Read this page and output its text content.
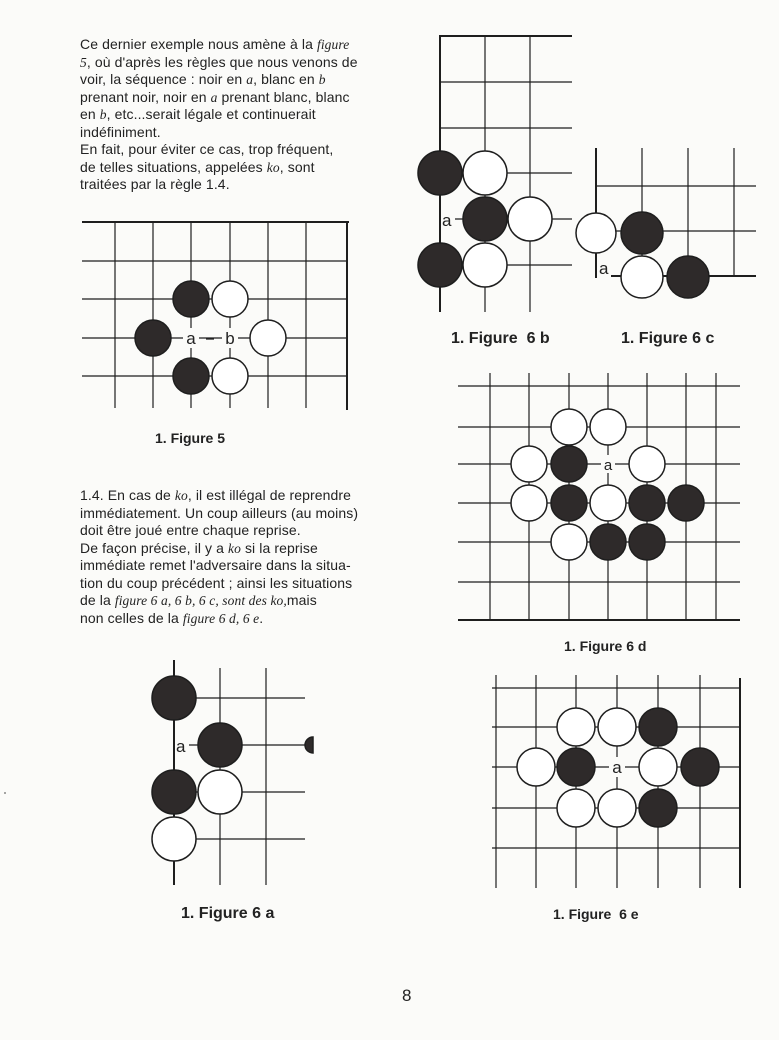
Ce dernier exemple nous amène à la figure
5, où d'après les règles que nous venons de
voir, la séquence : noir en a, blanc en b
prenant noir, noir en a prenant blanc, blanc
en b, etc...serait légale et continuerait
indéfiniment.
En fait, pour éviter ce cas, trop fréquent,
de telles situations, appelées ko, sont
traitées par la règle 1.4.
1.4. En cas de ko, il est illégal de reprendre
immédiatement. Un coup ailleurs (au moins)
doit être joué entre chaque reprise.
De façon précise, il y a ko si la reprise
immédiate remet l'adversaire dans la situa-
tion du coup précédent ; ainsi les situations
de la figure 6 a, 6 b, 6 c, sont des ko,mais
non celles de la figure 6 d, 6 e.
a b
a
a
a
a
a
1. Figure 5
1. Figure  6 b	1. Figure 6 c
1. Figure 6 d
1. Figure 6 a	1. Figure  6 e
8
